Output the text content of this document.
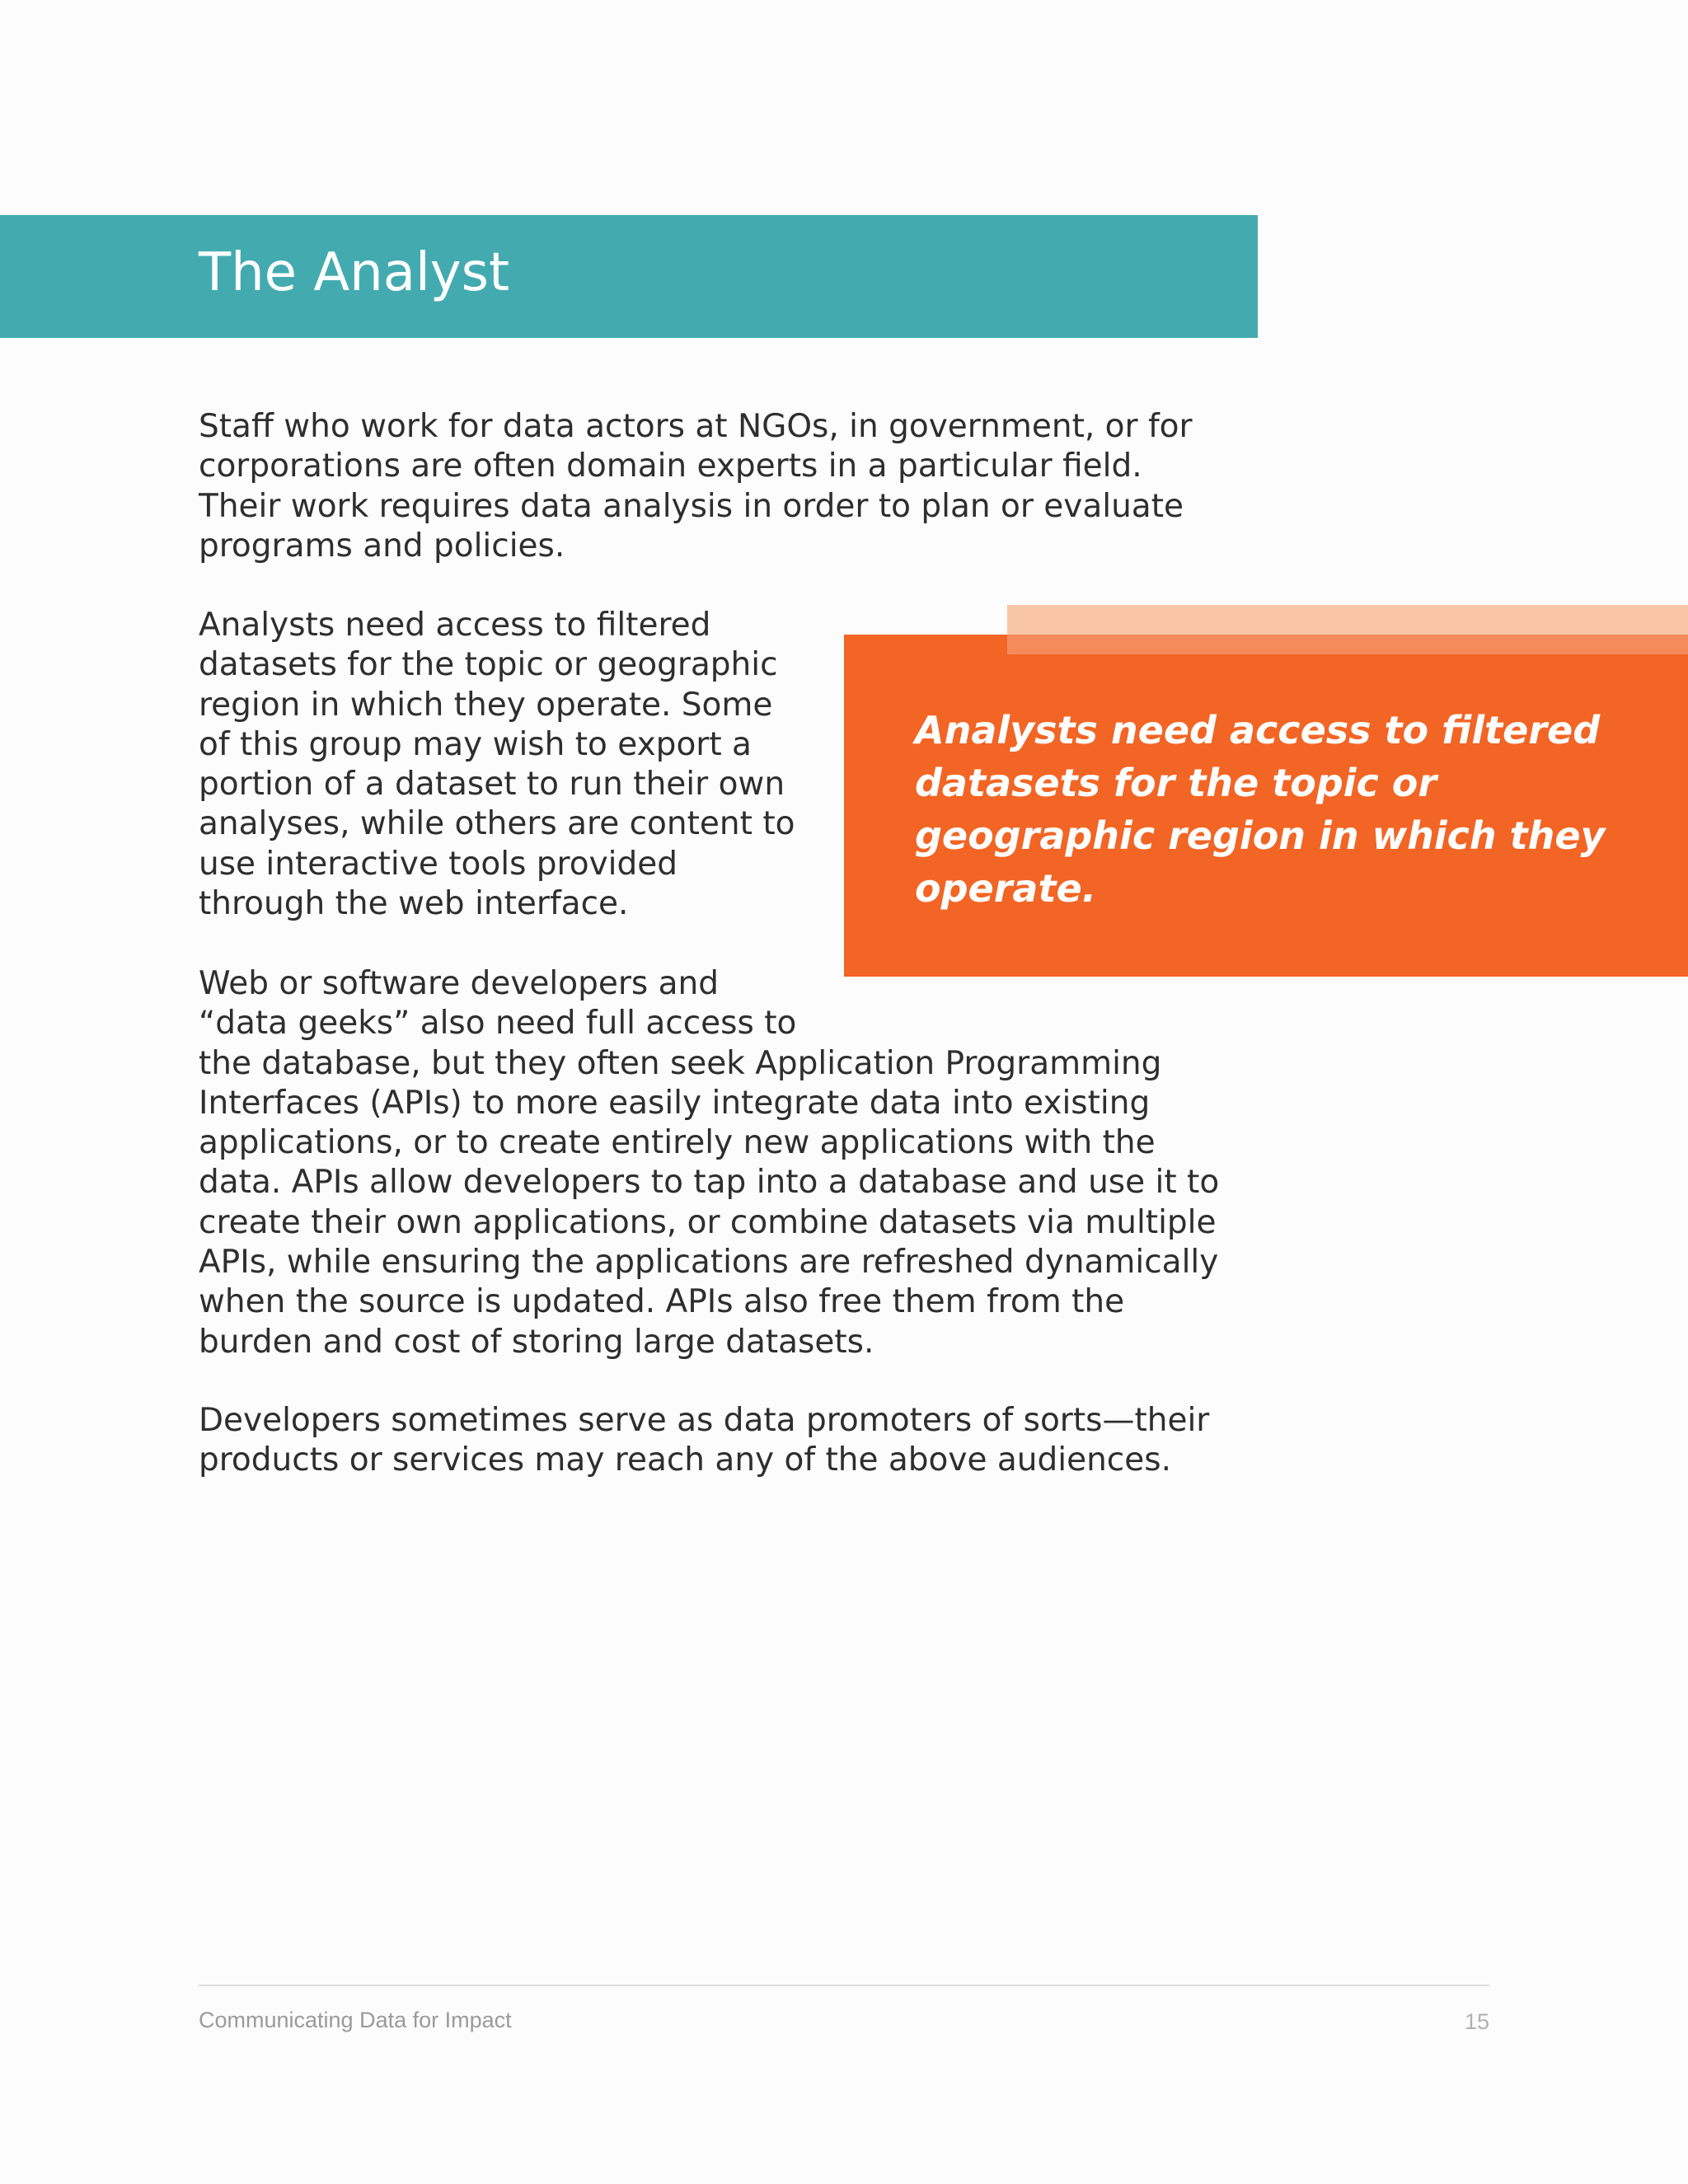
The Analyst

Staff who work for data actors at NGOs, in government, or for corporations are often domain experts in a particular field. Their work requires data analysis in order to plan or evaluate programs and policies.

Analysts need access to filtered datasets for the topic or geographic region in which they operate. Some of this group may wish to export a portion of a dataset to run their own analyses, while others are content to use interactive tools provided through the web interface.

Web or software developers and “data geeks” also need full access to the database, but they often seek Application Programming Interfaces (APIs) to more easily integrate data into existing applications, or to create entirely new applications with the data. APIs allow developers to tap into a database and use it to create their own applications, or combine datasets via multiple APIs, while ensuring the applications are refreshed dynamically when the source is updated. APIs also free them from the burden and cost of storing large datasets.

Developers sometimes serve as data promoters of sorts—their products or services may reach any of the above audiences.

Analysts need access to filtered datasets for the topic or geographic region in which they operate.

Communicating Data for Impact	15
